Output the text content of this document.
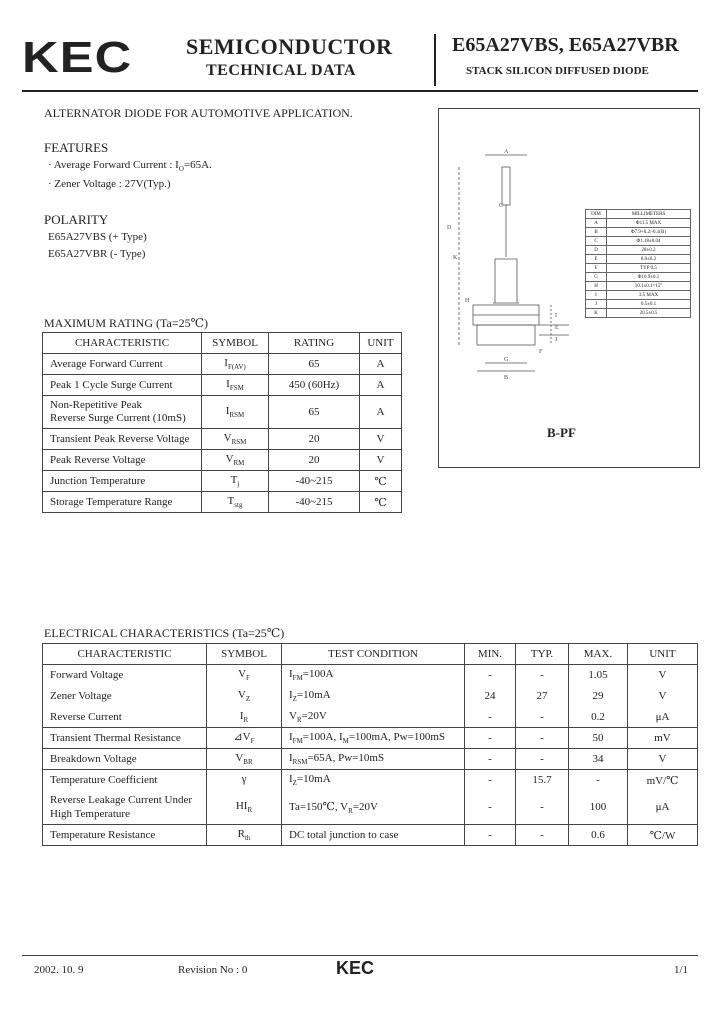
KEC SEMICONDUCTOR
TECHNICAL DATA
E65A27VBS, E65A27VBR
STACK SILICON DIFFUSED DIODE
ALTERNATOR DIODE FOR AUTOMOTIVE APPLICATION.
FEATURES
· Average Forward Current : $I_O=65A$.
· Zener Voltage : 27V(Typ.)
POLARITY
E65A27VBS (+ Type)
E65A27VBR (- Type)
MAXIMUM RATING (Ta=25℃)
CHARACTERISTIC	SYMBOL	RATING	UNIT
Average Forward Current	$I_{F(AV)}$	65	A
Peak 1 Cycle Surge Current	$I_{FSM}$	450 (60Hz)	A

Non-Repetitive Peak
Reverse Surge Current (10mS)	$I_{RSM}$	65	A
Transient Peak Reverse Voltage	$V_{RSM}$	20	V
Peak Reverse Voltage	$V_{RM}$	20	V
Junction Temperature	$T_j$	-40~215	℃
Storage Temperature Range	$T_{stg}$	-40~215	℃
A
K
H
I
E
J
F
G
B
C
D
DIM	MILLIMETERS
A	Φ11.5 MAX
B	Φ7.9+0.2/-0.1(B)
C	Φ1.18±0.04
D	28±0.2
E	8.0±0.2
F	TYP 0.5
G	Φ10.9±0.1
H	10.1±0.1=15°
I	3.5 MAX
J	0.5±0.1
K	20.5±0.5
B-PF
ELECTRICAL CHARACTERISTICS (Ta=25℃)
CHARACTERISTIC	SYMBOL	TEST CONDITION	MIN.	TYP.	MAX.	UNIT
Forward Voltage	$V_F$	$I_{FM}=100A$	-	-	1.05	V
Zener Voltage	$V_Z$	$I_Z=10mA$	24	27	29	V
Reverse Current	$I_R$	$V_R=20V$	-	-	0.2	μA
Transient Thermal Resistance	$⊿V_F$	$I_{FM}=100A$, $I_M=100mA$, Pw=100mS	-	-	50	mV
Breakdown Voltage	$V_{BR}$	$I_{RSM}=65A$, Pw=10mS	-	-	34	V
Temperature Coefficient	γ	$I_Z=10mA$	-	15.7	-	mV/℃

Reverse Leakage Current Under
High Temperature	$HI_R$	Ta=150℃, $V_R=20V$	-	-	100	μA
Temperature Resistance	$R_{th}$	DC total junction to case	-	-	0.6	℃/W
2002. 10. 9	Revision No : 0	KEC	1/1
